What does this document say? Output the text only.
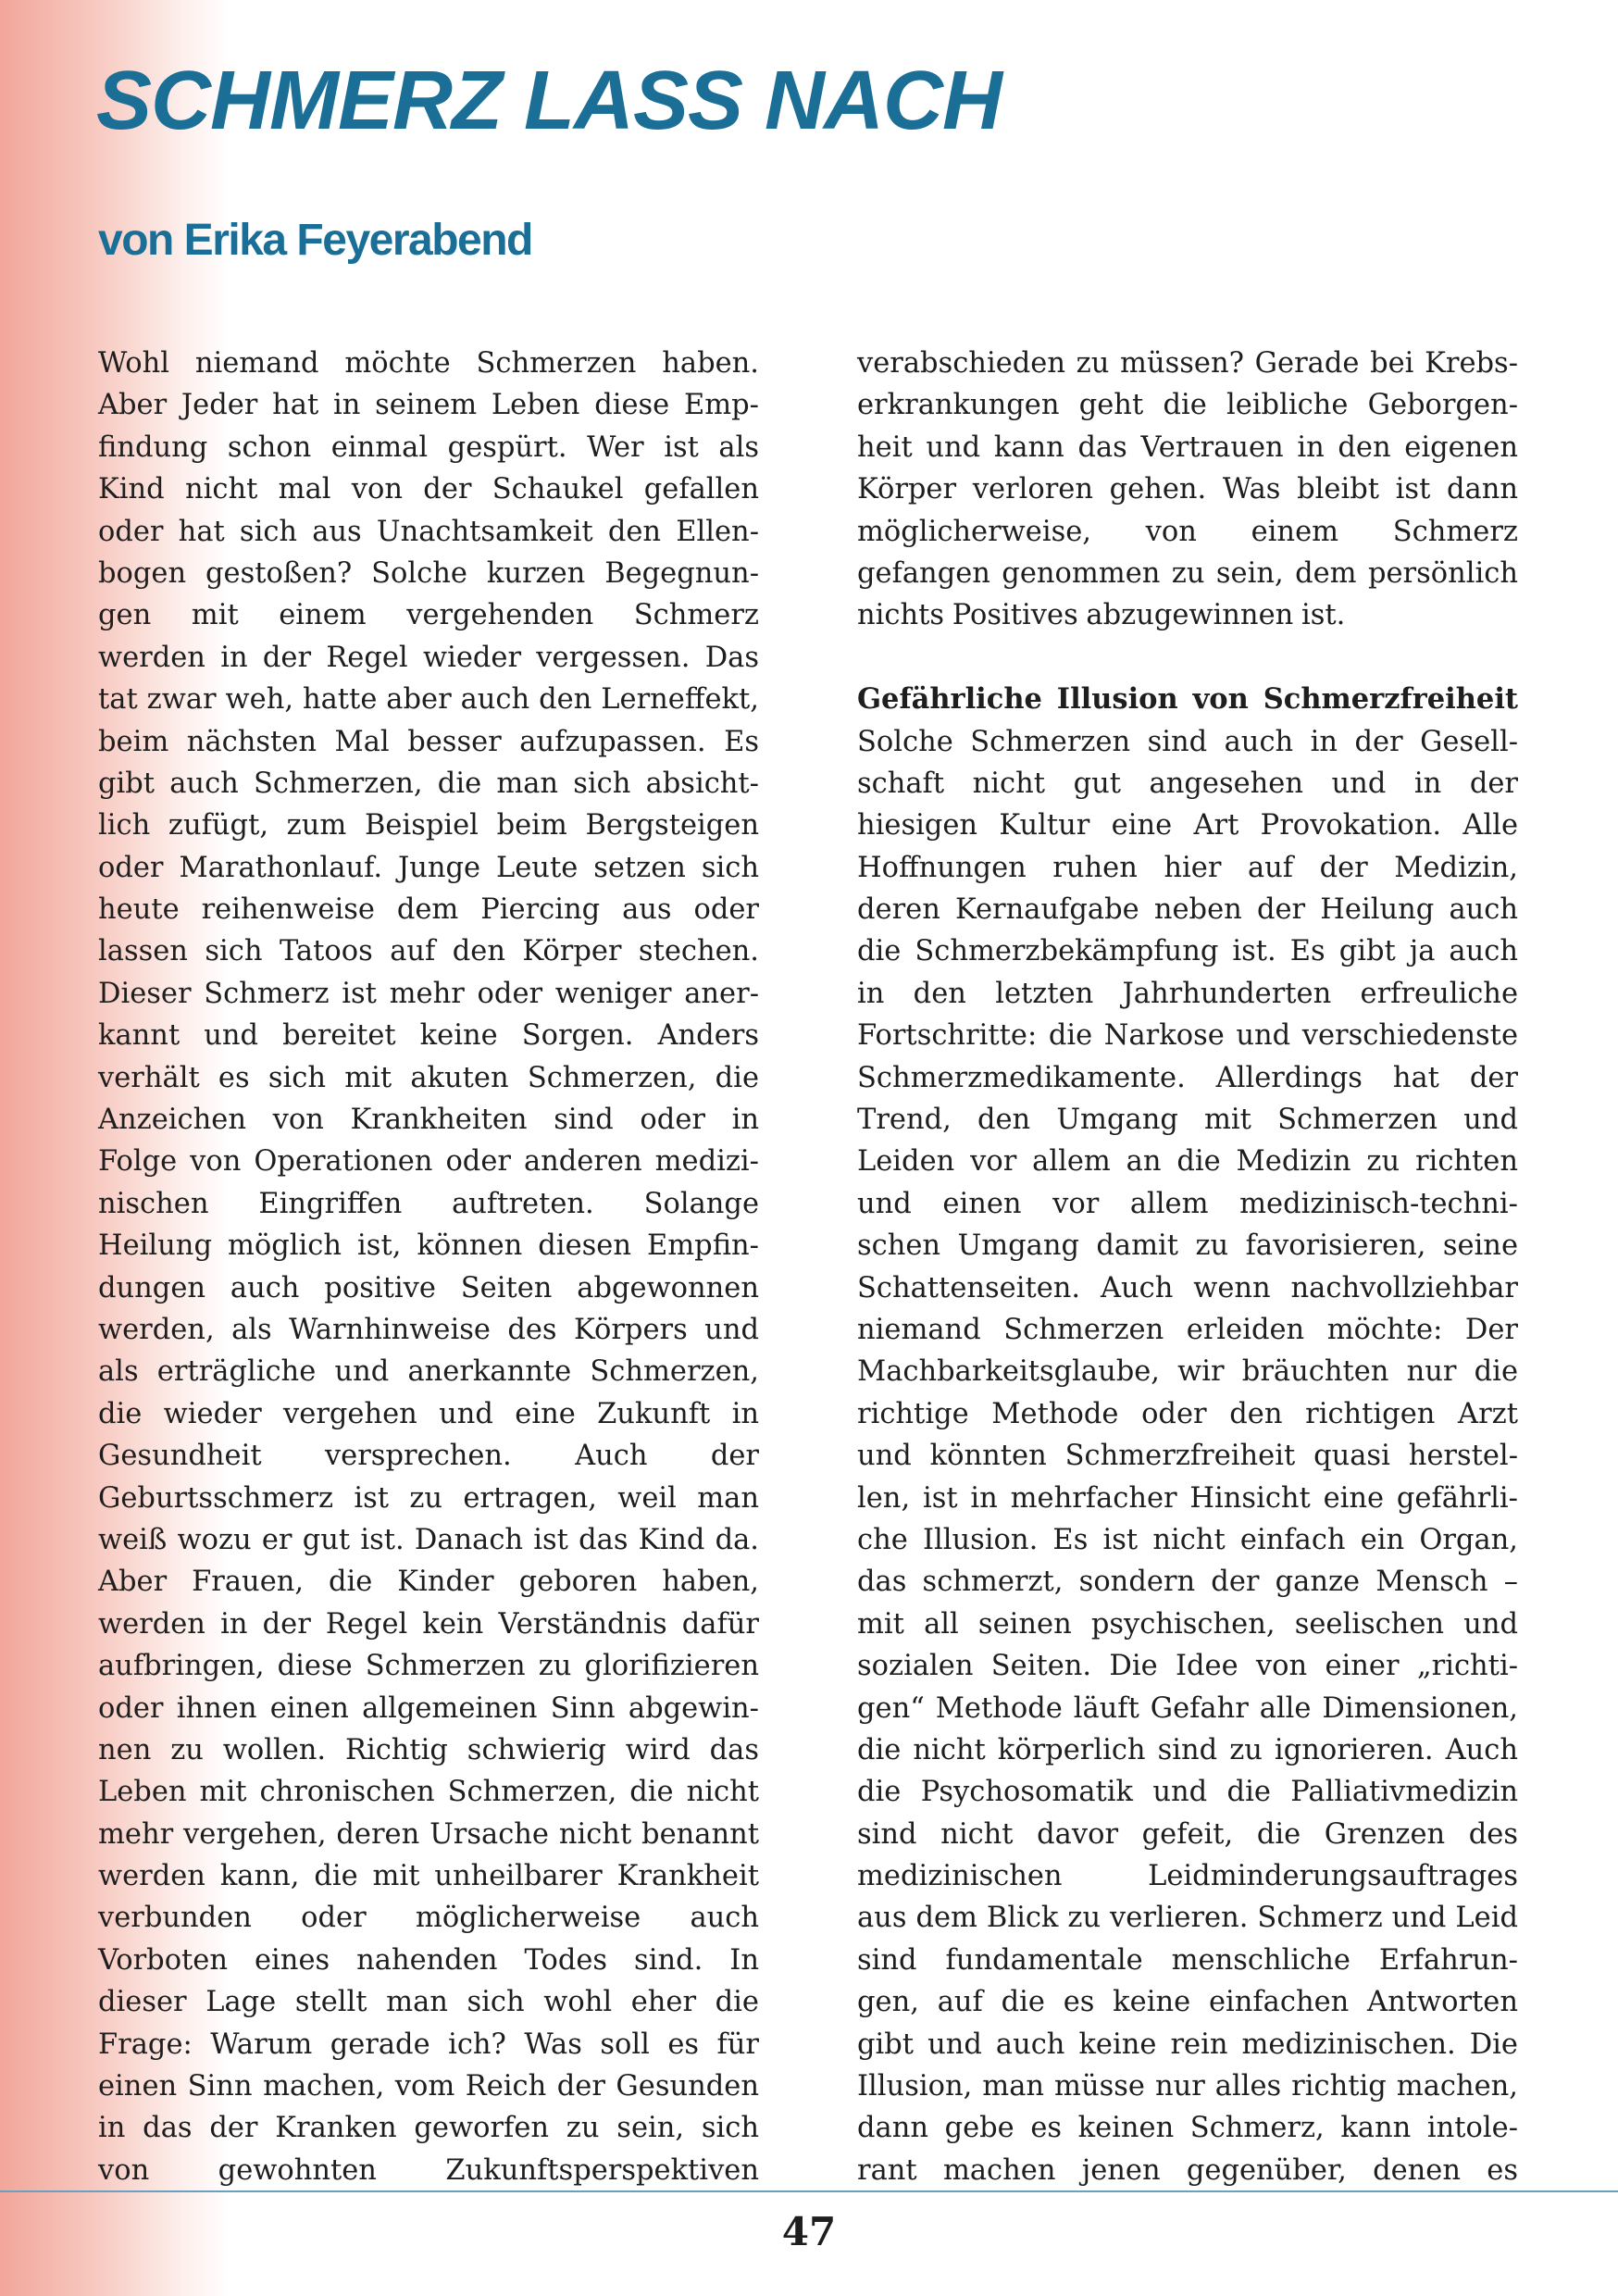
SCHMERZ LASS NACH
von Erika Feyerabend
Wohl niemand möchte Schmerzen haben.
Aber Jeder hat in seinem Leben diese Emp-
findung schon einmal gespürt. Wer ist als
Kind nicht mal von der Schaukel gefallen
oder hat sich aus Unachtsamkeit den Ellen-
bogen gestoßen? Solche kurzen Begegnun-
gen mit einem vergehenden Schmerz
werden in der Regel wieder vergessen. Das
tat zwar weh, hatte aber auch den Lerneffekt,
beim nächsten Mal besser aufzupassen. Es
gibt auch Schmerzen, die man sich absicht-
lich zufügt, zum Beispiel beim Bergsteigen
oder Marathonlauf. Junge Leute setzen sich
heute reihenweise dem Piercing aus oder
lassen sich Tatoos auf den Körper stechen.
Dieser Schmerz ist mehr oder weniger aner-
kannt und bereitet keine Sorgen. Anders
verhält es sich mit akuten Schmerzen, die
Anzeichen von Krankheiten sind oder in
Folge von Operationen oder anderen medizi-
nischen Eingriffen auftreten. Solange
Heilung möglich ist, können diesen Empfin-
dungen auch positive Seiten abgewonnen
werden, als Warnhinweise des Körpers und
als erträgliche und anerkannte Schmerzen,
die wieder vergehen und eine Zukunft in
Gesundheit versprechen. Auch der
Geburtsschmerz ist zu ertragen, weil man
weiß wozu er gut ist. Danach ist das Kind da.
Aber Frauen, die Kinder geboren haben,
werden in der Regel kein Verständnis dafür
aufbringen, diese Schmerzen zu glorifizieren
oder ihnen einen allgemeinen Sinn abgewin-
nen zu wollen. Richtig schwierig wird das
Leben mit chronischen Schmerzen, die nicht
mehr vergehen, deren Ursache nicht benannt
werden kann, die mit unheilbarer Krankheit
verbunden oder möglicherweise auch
Vorboten eines nahenden Todes sind. In
dieser Lage stellt man sich wohl eher die
Frage: Warum gerade ich? Was soll es für
einen Sinn machen, vom Reich der Gesunden
in das der Kranken geworfen zu sein, sich
von gewohnten Zukunftsperspektiven
verabschieden zu müssen? Gerade bei Krebs-
erkrankungen geht die leibliche Geborgen-
heit und kann das Vertrauen in den eigenen
Körper verloren gehen. Was bleibt ist dann
möglicherweise, von einem Schmerz
gefangen genommen zu sein, dem persönlich
nichts Positives abzugewinnen ist.
Gefährliche Illusion von Schmerzfreiheit
Solche Schmerzen sind auch in der Gesell-
schaft nicht gut angesehen und in der
hiesigen Kultur eine Art Provokation. Alle
Hoffnungen ruhen hier auf der Medizin,
deren Kernaufgabe neben der Heilung auch
die Schmerzbekämpfung ist. Es gibt ja auch
in den letzten Jahrhunderten erfreuliche
Fortschritte: die Narkose und verschiedenste
Schmerzmedikamente. Allerdings hat der
Trend, den Umgang mit Schmerzen und
Leiden vor allem an die Medizin zu richten
und einen vor allem medizinisch-techni-
schen Umgang damit zu favorisieren, seine
Schattenseiten. Auch wenn nachvollziehbar
niemand Schmerzen erleiden möchte: Der
Machbarkeitsglaube, wir bräuchten nur die
richtige Methode oder den richtigen Arzt
und könnten Schmerzfreiheit quasi herstel-
len, ist in mehrfacher Hinsicht eine gefährli-
che Illusion. Es ist nicht einfach ein Organ,
das schmerzt, sondern der ganze Mensch –
mit all seinen psychischen, seelischen und
sozialen Seiten. Die Idee von einer „richti-
gen“ Methode läuft Gefahr alle Dimensionen,
die nicht körperlich sind zu ignorieren. Auch
die Psychosomatik und die Palliativmedizin
sind nicht davor gefeit, die Grenzen des
medizinischen Leidminderungsauftrages
aus dem Blick zu verlieren. Schmerz und Leid
sind fundamentale menschliche Erfahrun-
gen, auf die es keine einfachen Antworten
gibt und auch keine rein medizinischen. Die
Illusion, man müsse nur alles richtig machen,
dann gebe es keinen Schmerz, kann intole-
rant machen jenen gegenüber, denen es
47
